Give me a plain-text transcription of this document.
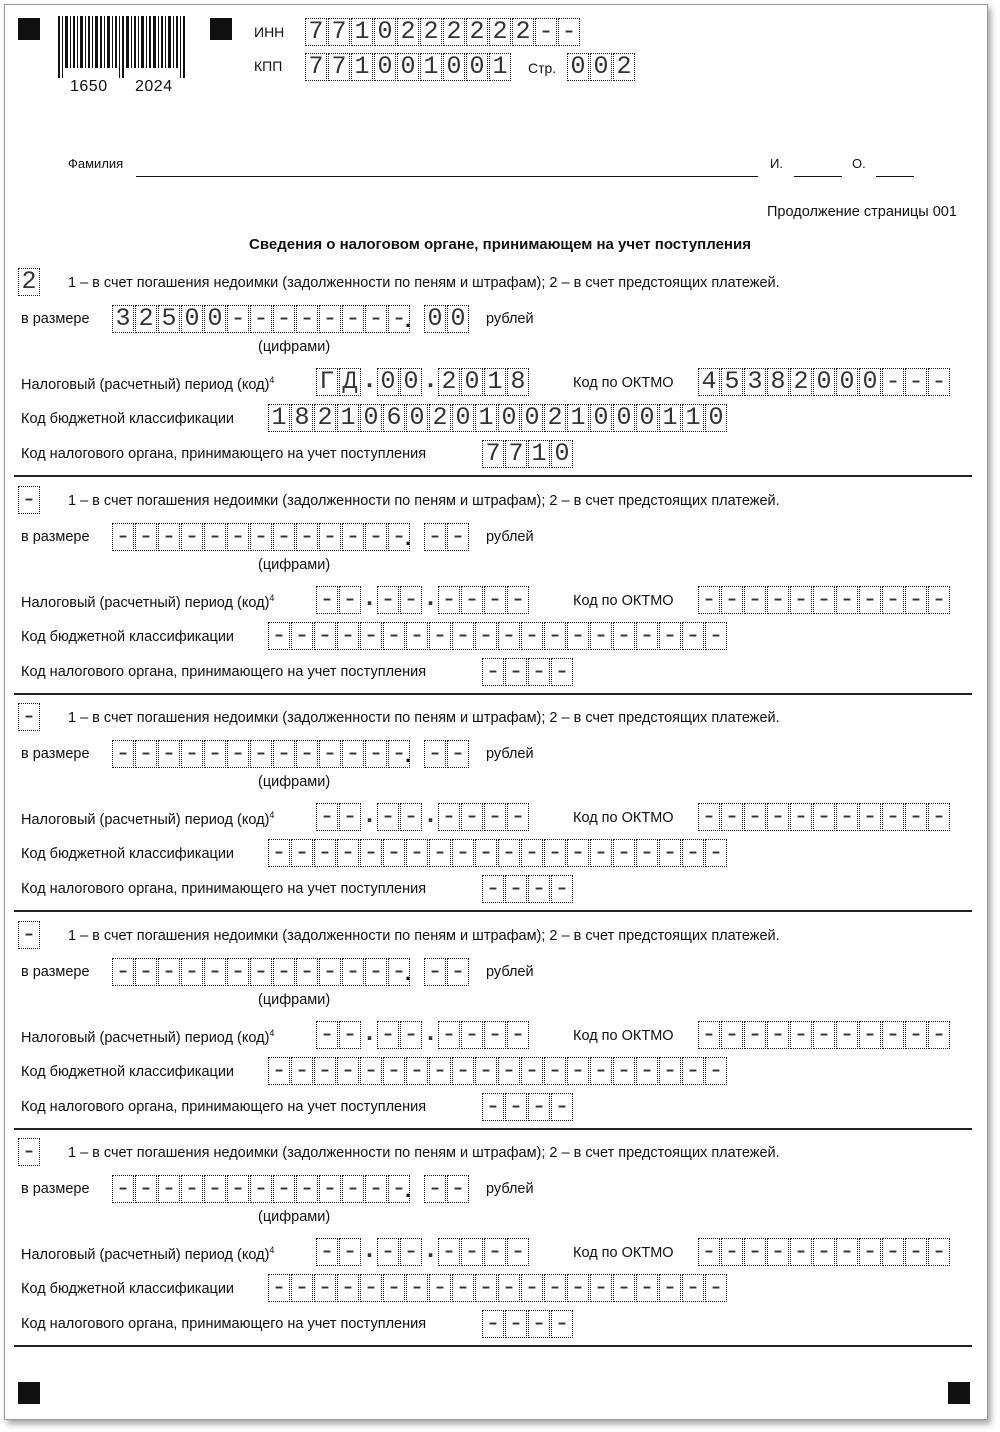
1650 2024
ИНН 7 7 1 0 2 2 2 2 2 2 - -
КПП 7 7 1 0 0 1 0 0 1 Стр. 0 0 2
Фамилия	И.	О.
Продолжение страницы 001
Сведения о налоговом органе, принимающем на учет поступления
2 1 – в счет погашения недоимки (задолженности по пеням и штрафам); 2 – в счет предстоящих платежей.
в размере 3 2 5 0 0 - - - - - - - -
. 0 0 рублей
(цифрами)
Налоговый (расчетный) период (код)$^4$ Г Д . 0 0 . 2 0 1 8	Код по ОКТМО 4 5 3 8 2 0 0 0 - - -
Код бюджетной классификации 1 8 2 1 0 6 0 2 0 1 0 0 2 1 0 0 0 1 1 0
Код налогового органа, принимающего на учет поступления 7 7 1 0
- 1 – в счет погашения недоимки (задолженности по пеням и штрафам); 2 – в счет предстоящих платежей.
в размере - - - - - - - - - - - - -
. - - рублей
(цифрами)
Налоговый (расчетный) период (код)$^4$ - - . - - . - - - -	Код по ОКТМО - - - - - - - - - - -
Код бюджетной классификации - - - - - - - - - - - - - - - - - - - -
Код налогового органа, принимающего на учет поступления - - - -
- 1 – в счет погашения недоимки (задолженности по пеням и штрафам); 2 – в счет предстоящих платежей.
в размере - - - - - - - - - - - - -
. - - рублей
(цифрами)
Налоговый (расчетный) период (код)$^4$ - - . - - . - - - -	Код по ОКТМО - - - - - - - - - - -
Код бюджетной классификации - - - - - - - - - - - - - - - - - - - -
Код налогового органа, принимающего на учет поступления - - - -
- 1 – в счет погашения недоимки (задолженности по пеням и штрафам); 2 – в счет предстоящих платежей.
в размере - - - - - - - - - - - - -
. - - рублей
(цифрами)
Налоговый (расчетный) период (код)$^4$ - - . - - . - - - -	Код по ОКТМО - - - - - - - - - - -
Код бюджетной классификации - - - - - - - - - - - - - - - - - - - -
Код налогового органа, принимающего на учет поступления - - - -
- 1 – в счет погашения недоимки (задолженности по пеням и штрафам); 2 – в счет предстоящих платежей.
в размере - - - - - - - - - - - - -
. - - рублей
(цифрами)
Налоговый (расчетный) период (код)$^4$ - - . - - . - - - -	Код по ОКТМО - - - - - - - - - - -
Код бюджетной классификации - - - - - - - - - - - - - - - - - - - -
Код налогового органа, принимающего на учет поступления - - - -
